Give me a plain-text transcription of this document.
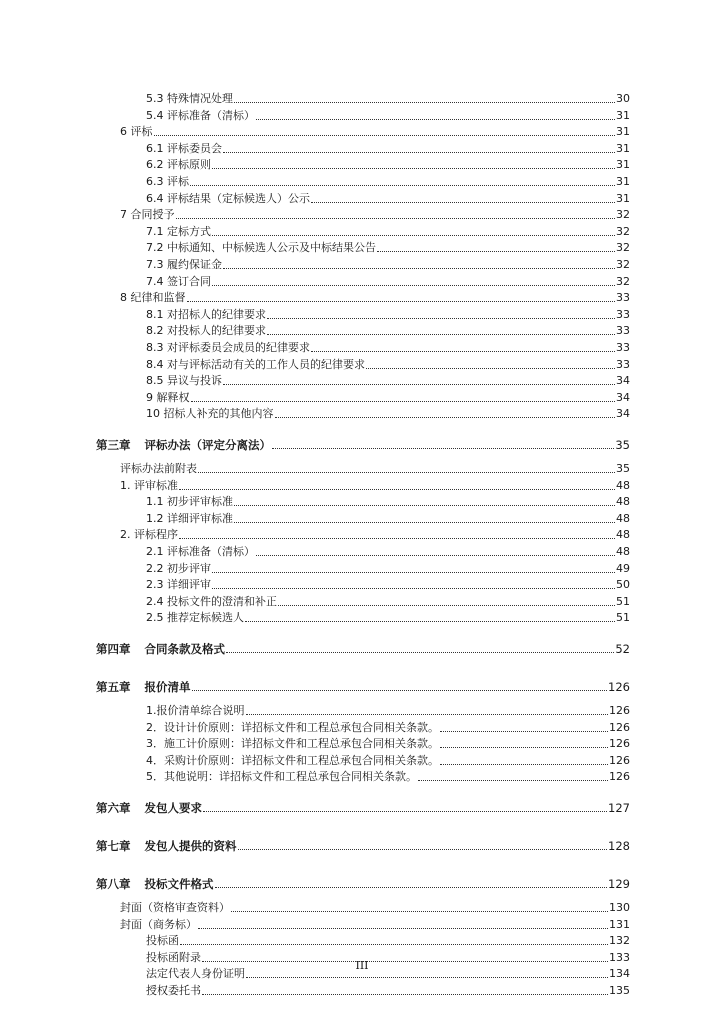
5.3 特殊情况处理	30
5.4 评标准备（清标）	31
6 评标	31
6.1 评标委员会	31
6.2 评标原则	31
6.3 评标	31
6.4 评标结果（定标候选人）公示	31
7 合同授予	32
7.1 定标方式	32
7.2 中标通知、中标候选人公示及中标结果公告	32
7.3 履约保证金	32
7.4 签订合同	32
8 纪律和监督	33
8.1 对招标人的纪律要求	33
8.2 对投标人的纪律要求	33
8.3 对评标委员会成员的纪律要求	33
8.4 对与评标活动有关的工作人员的纪律要求	33
8.5 异议与投诉	34
9 解释权	34
10 招标人补充的其他内容	34
第三章 评标办法（评定分离法）	35
评标办法前附表	35
1. 评审标准	48
1.1 初步评审标准	48
1.2 详细评审标准	48
2. 评标程序	48
2.1 评标准备（清标）	48
2.2 初步评审	49
2.3 详细评审	50
2.4 投标文件的澄清和补正	51
2.5 推荐定标候选人	51
第四章 合同条款及格式	52
第五章 报价清单	126
1.报价清单综合说明	126
2．设计计价原则：详招标文件和工程总承包合同相关条款。	126
3．施工计价原则：详招标文件和工程总承包合同相关条款。	126
4．采购计价原则：详招标文件和工程总承包合同相关条款。	126
5．其他说明：详招标文件和工程总承包合同相关条款。	126
第六章 发包人要求	127
第七章 发包人提供的资料	128
第八章 投标文件格式	129
封面（资格审查资料）	130
封面（商务标）	131
投标函	132
投标函附录	133
法定代表人身份证明	134
授权委托书	135
III
